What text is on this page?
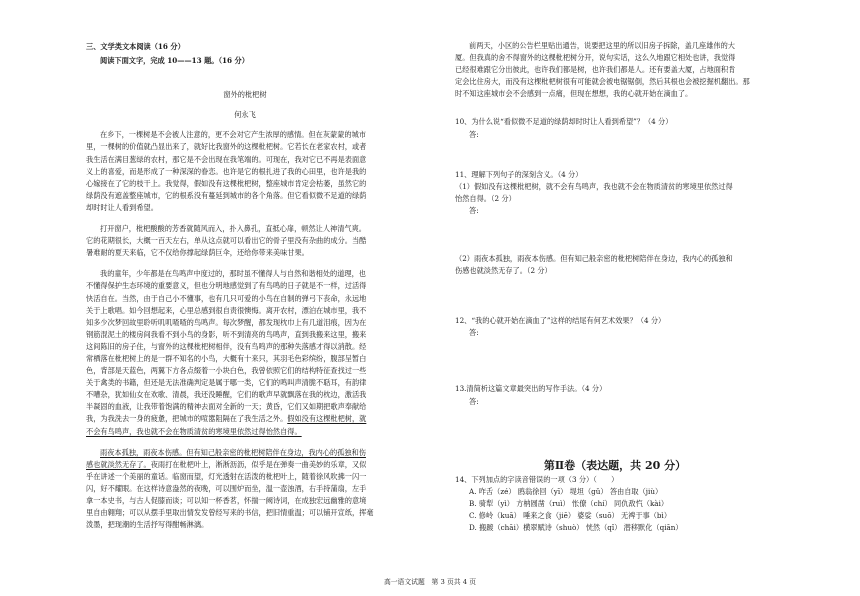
三、文学类文本阅读（16 分）
阅读下面文字，完成 10——13 题。（16 分）
窗外的枇杷树
何永飞
在乡下，一棵树是不会被人注意的，更不会对它产生浓厚的感情。但在灰蒙蒙的城市
里，一棵树的价值就凸显出来了，就好比我窗外的这棵枇杷树。它若长在老家农村，或者
我生活在满目葱绿的农村，那它是不会出现在我笔端的。可现在，我对它已不再是表面意
义上的喜爱，而是形成了一种深深的眷恋。也许是它的根扎进了我的心田里，也许是我的
心嫁接在了它的枝干上。我觉得，假如没有这棵枇杷树，整座城市肯定会枯萎，虽然它的
绿荫没有遮盖整座城市，它的根系没有蔓延到城市的各个角落。但它看似微不足道的绿荫
却时时让人看到希望。
打开窗户，枇杷酸酸的芳香就随风而入，扑入鼻孔，直抵心扉，顿然让人神清气爽。
它的花期很长，大概一百天左右，单从这点就可以看出它的骨子里没有杂曲的成分。当酷
暑难耐的夏天来临，它不仅给你撑起绿荫巨伞，还给你带来美味甘果。
我的童年，少年都是在鸟鸣声中度过的，那时虽不懂得人与自然和谐相处的道理，也
不懂得保护生态环境的重要意义，但也分明地感觉到了有鸟鸣的日子就是不一样，过活得
快活自在。当然，由于自己小不懂事，也有几只可爱的小鸟在自制的弹弓下丧命，永远地
关于上歌唱。如今回想起来，心里总感到很自责很懊悔。离开农村，漂泊在城市里，我不
知多少次梦回故里聆听叽叽喳喳的鸟鸣声。每次梦醒，都发现枕巾上有几道泪痕，因为在
钢筋混泥土的楼房间我看不到小鸟的身影，听不到清亮的鸟鸣声，直到我搬来这里，搬来
这间陈旧的房子住，与窗外的这棵枇杷树相伴，没有鸟鸣声的那种失落感才得以消散。经
常栖落在枇杷树上的是一群不知名的小鸟，大概有十来只，其羽毛色彩缤纷，腹部呈暂白
色，背部是天蓝色，两翼下方各点缀着一小块白色，我曾依照它们的结构特征查找过一些
关于禽类的书籍，但还是无法准确判定是属于哪一类，它们的鸣叫声清脆不聒耳，有韵律
不嘈杂，犹如仙女在欢歌、清晨，我还没睡醒，它们的歌声早就飘落在我的枕边，激活我
半凝固的血液，让我带着饱满的精神去面对全新的一天；黄昏，它们又如期把歌声奉献给
我，为我洗去一身的疲惫，把城市的喧嚣阻隔在了我生活之外。假如没有这棵枇杷树，就
不会有鸟鸣声，我也就不会在物质清贫的寒境里依然过得怡然自得。
雨夜本孤独，雨夜本伤感。但有知己般亲密的枇杷树陪伴在身边，我内心的孤独和伤
感也就淡然无存了。夜雨打在枇杷叶上，淅淅沥沥，似乎是在弹奏一曲美妙的乐章，又似
乎在讲述一个美丽的童话。临窗而望，灯光透射在活泼的枇杷叶上，随着徐风吹拂一闪一
闪，好不耀眼。在这样诗意盎然的夜晚，可以围炉而坐，温一壶浊酒，右手持蒲扇，左手
拿一本史书，与古人促膝而谈；可以知一杯香茗，怀揣一阙诗词，在成独宏远幽雅的意境
里自由翱翔；可以从摆手里取出情发发曾经写来的书信，把旧情重温；可以铺开宣纸，挥毫
泼墨，把现潮的生活抒写得酣畅淋漓。
前两天，小区的公告栏里贴出通告，说要把这里的所以旧房子拆除，盖几座雄伟的大
厦。但我真的舍不得窗外的这棵枇杷树分开，说句实话，这么久地跟它相处也讲，我觉得
已经很难跟它分出彼此，也许我们都是树，也许我们都是人。还有要盖大厦，占地面积肯
定会比住房大，而没有这棵枇杷树很有可能就会被电锯锯倒，然后其根也会被挖掘机翻出。那
时不知这座城市会不会感到一点痛，但现在想想，我的心就开始在滴血了。
10、为什么说“看似微不足道的绿荫却时时让人看到希望”？（4 分）
答:
11、理解下列句子的深刻含义。（4 分）
（1）假如没有这棵枇杷树，就不会有鸟鸣声，我也就不会在物质清贫的寒境里依然过得
怡然自得。（2 分）
答:
（2）雨夜本孤独，雨夜本伤感。但有知己般亲密的枇杷树陪伴在身边，我内心的孤独和
伤感也就淡然无存了。（2 分）
12、“我的心就开始在滴血了”这样的结尾有何艺术效果？（4 分）
答:
13.清简析这篇文章最突出的写作手法。（4 分）
答:
第Ⅱ卷（表达题，共 20 分）
14、下列加点的字读音错误的一项（3 分）（　　）
A. 咋舌（zé） 鸥翁徐回（yī） 堤坦（gǔ） 答由自取（jiù）
B. 骑犁（yì） 方枘圆凿（ruì） 怅僚（chí） 同仇敌忾（kài）
C. 修岭（kuā） 唾来之食（jiē） 婆娑（suō） 无裨于事（bì）
D. 搬踱（chāi）横翠赋诗（shuò） 恍然（qǐ） 潜移默化（qiān）
高一语文试题　第 3 页共 4 页
